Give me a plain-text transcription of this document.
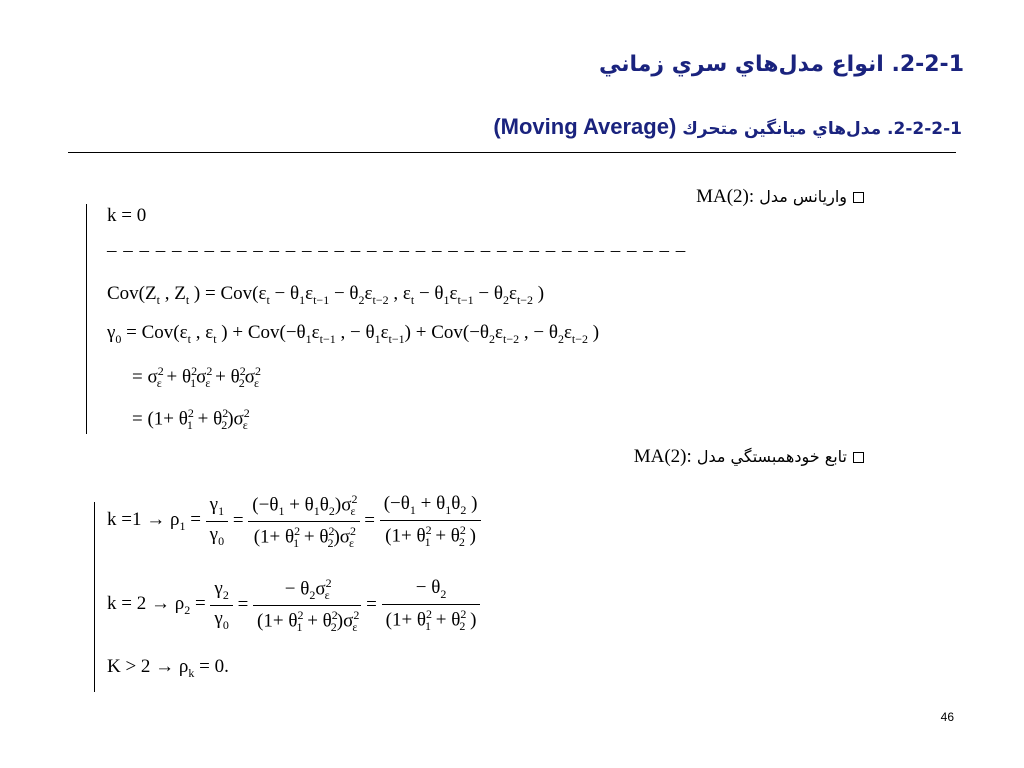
2-2-1. انواع مدل‌هاي سري زماني
2-2-2-1. مدل‌هاي ميانگين متحرك (Moving Average)
واريانس مدل :MA(2)
k = 0
– – – – – – – – – – – – – – – – – – – – – – – – – – – – – – – – – – – –
$Cov(Z_t$ , $Z_t$ ) = $Cov(\varepsilon_t - \theta_1\varepsilon_{t-1} - \theta_2\varepsilon_{t-2}$ , $\varepsilon_t - \theta_1\varepsilon_{t-1} - \theta_2\varepsilon_{t-2}$ )
$\gamma_0 = Cov(\varepsilon_t$ , $\varepsilon_t$ ) + $Cov(-\theta_1\varepsilon_{t-1}$ , − $\theta_1\varepsilon_{t-1}) + Cov(-\theta_2\varepsilon_{t-2}$ , − $\theta_2\varepsilon_{t-2}$ )
= $\sigma^2_\varepsilon + \theta^2_1\sigma^2_\varepsilon + \theta^2_2\sigma^2_\varepsilon$
= $(1+ \theta^2_1 + \theta^2_2)\sigma^2_\varepsilon$
تابع خودهمبستگي مدل :MA(2)
$k =1 \to \rho_1 = \frac{\gamma_1}{\gamma_0} = \frac{(-\theta_1 + \theta_1\theta_2)\sigma^2_\varepsilon}{(1+ \theta^2_1 + \theta^2_2)\sigma^2_\varepsilon} = \frac{(-\theta_1 + \theta_1\theta_2 )}{(1+ \theta^2_1 + \theta^2_2 )}$
$k = 2 \to \rho_2 = \frac{\gamma_2}{\gamma_0} = \frac{- \theta_2\sigma^2_\varepsilon}{(1+ \theta^2_1 + \theta^2_2)\sigma^2_\varepsilon} = \frac{- \theta_2}{(1+ \theta^2_1 + \theta^2_2 )}$
$K > 2 \to \rho_k = 0$.
46
